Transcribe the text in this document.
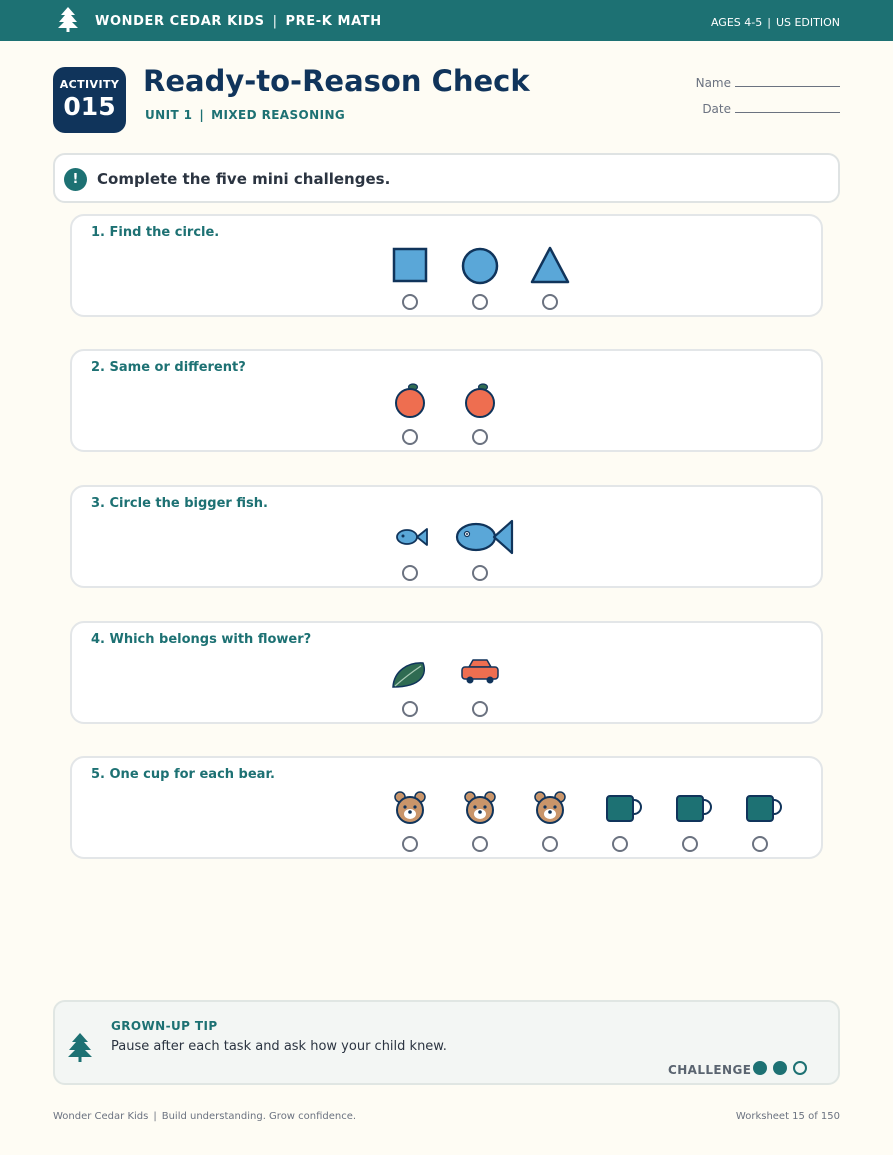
WONDER CEDAR KIDS | PRE-K MATH	AGES 4-5 | US EDITION
ACTIVITY
015
Ready-to-Reason Check
UNIT 1 | MIXED REASONING
Name
Date
!	Complete the five mini challenges.
1. Find the circle.
2. Same or different?
3. Circle the bigger fish.
4. Which belongs with flower?
5. One cup for each bear.
GROWN-UP TIP
Pause after each task and ask how your child knew.
CHALLENGE
Wonder Cedar Kids | Build understanding. Grow confidence.	Worksheet 15 of 150
